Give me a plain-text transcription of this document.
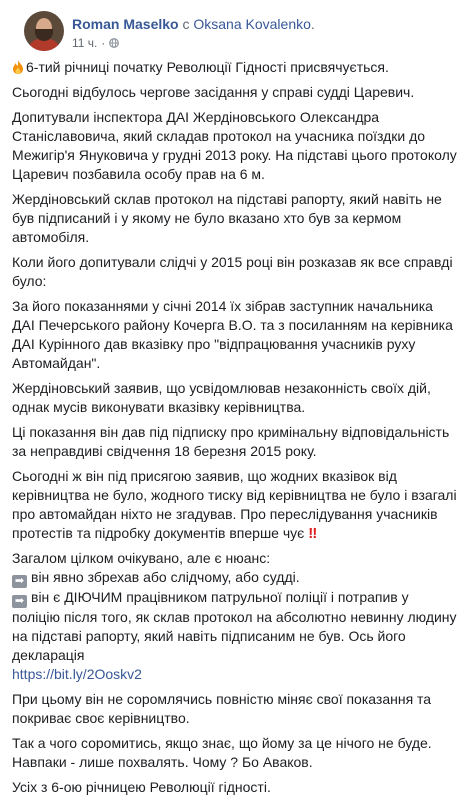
Roman Maselko с Oksana Kovalenko.
11 ч. ·

6-тий річниці початку Революції Гідності присвячується.

Сьогодні відбулось чергове засідання у справі судді Царевич.

Допитували інспектора ДАІ Жердіновського Олександра Станіславовича, який складав протокол на учасника поїздки до Межигір'я Януковича у грудні 2013 року. На підставі цього протоколу Царевич позбавила особу прав на 6 м.

Жердіновський склав протокол на підставі рапорту, який навіть не був підписаний і у якому не було вказано хто був за кермом автомобіля.

Коли його допитували слідчі у 2015 році він розказав як все справді було:

За його показаннями у січні 2014 їх зібрав заступник начальника ДАІ Печерського району Кочерга В.О. та з посиланням на керівника ДАІ Курінного дав вказівку про "відпрацювання учасників руху Автомайдан".

Жердіновський заявив, що усвідомлював незаконність своїх дій, однак мусів виконувати вказівку керівництва.

Ці показання він дав під підписку про кримінальну відповідальність за неправдиві свідчення 18 березня 2015 року.

Сьогодні ж він під присягою заявив, що жодних вказівок від керівництва не було, жодного тиску від керівництва не було і взагалі про автомайдан ніхто не згадував. Про переслідування учасників протестів та підробку документів вперше чує ‼

Загалом цілком очікувано, але є нюанс:
➡ він явно збрехав або слідчому, або судді.
➡ він є ДІЮЧИМ працівником патрульної поліції і потрапив у поліцію після того, як склав протокол на абсолютно невинну людину на підставі рапорту, який навіть підписаним не був. Ось його декларація
https://bit.ly/2Ooskv2

При цьому він не соромлячись повністю міняє свої показання та покриває своє керівництво.

Так а чого соромитись, якщо знає, що йому за це нічого не буде. Навпаки - лише похвалять. Чому ? Бо Аваков.

Усіх з 6-ою річницею Революції гідності.
